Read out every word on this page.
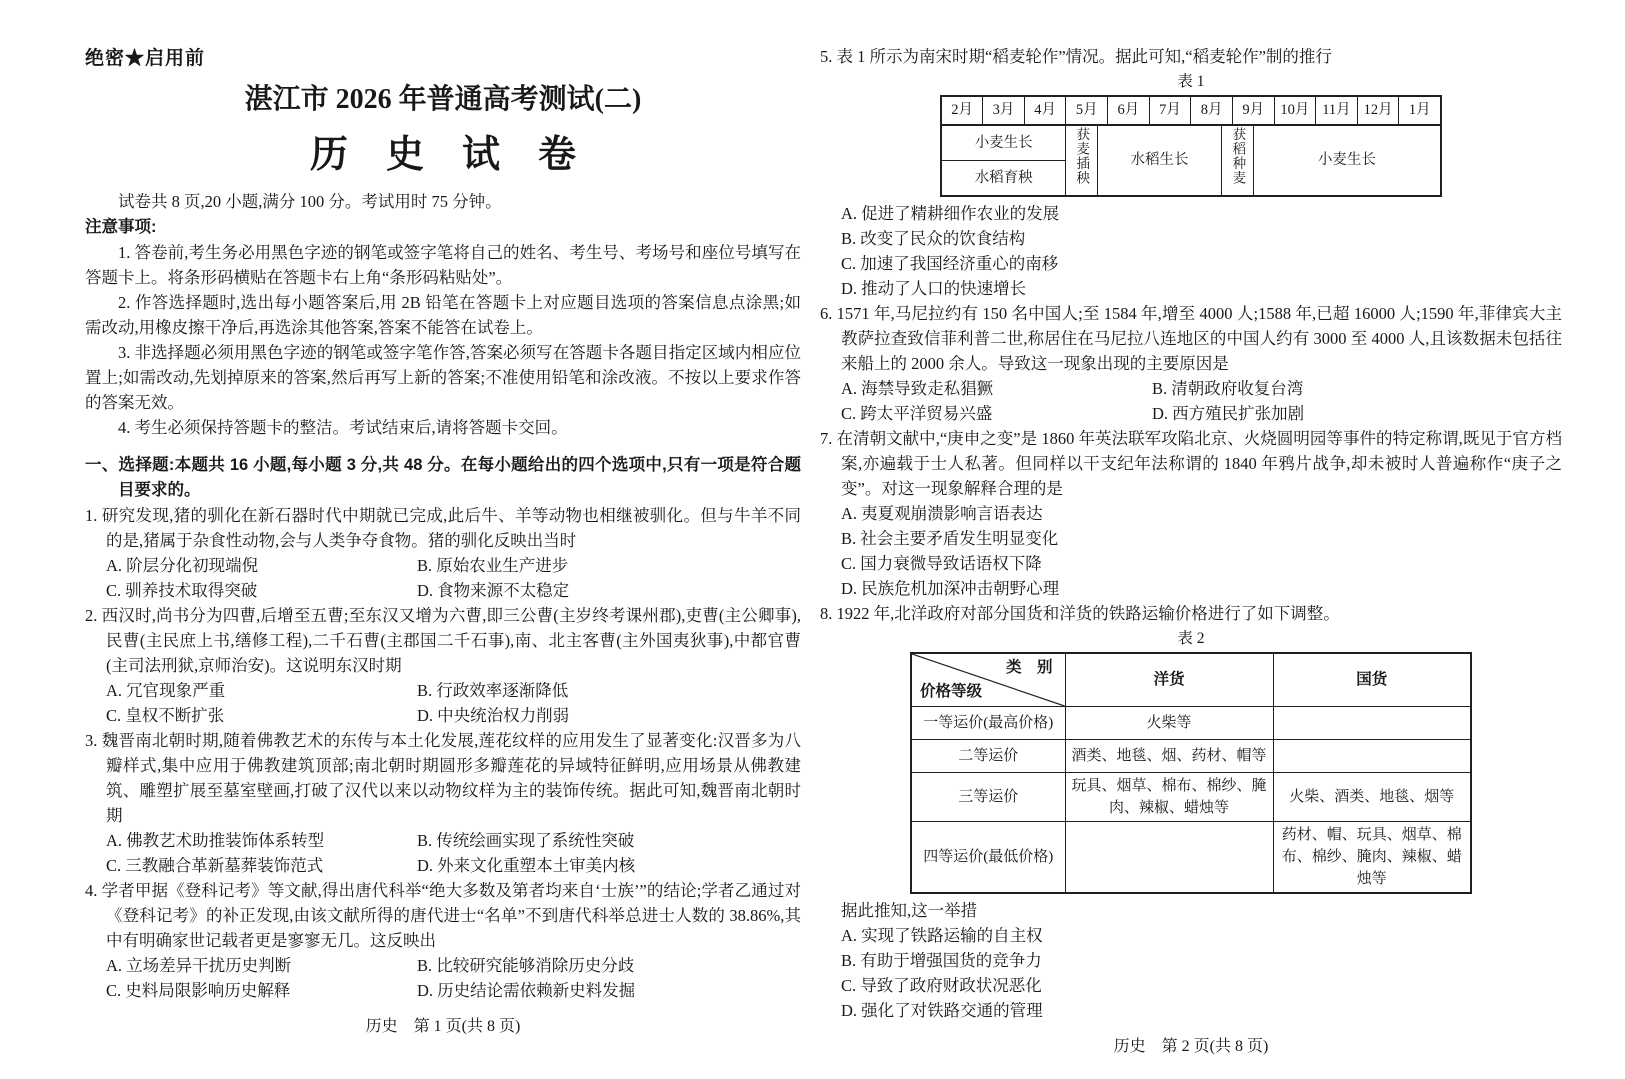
绝密★启用前
湛江市 2026 年普通高考测试(二)
历　史　试　卷
试卷共 8 页,20 小题,满分 100 分。考试用时 75 分钟。
注意事项:
1. 答卷前,考生务必用黑色字迹的钢笔或签字笔将自己的姓名、考生号、考场号和座位号填写在答题卡上。将条形码横贴在答题卡右上角“条形码粘贴处”。
2. 作答选择题时,选出每小题答案后,用 2B 铅笔在答题卡上对应题目选项的答案信息点涂黑;如需改动,用橡皮擦干净后,再选涂其他答案,答案不能答在试卷上。
3. 非选择题必须用黑色字迹的钢笔或签字笔作答,答案必须写在答题卡各题目指定区域内相应位置上;如需改动,先划掉原来的答案,然后再写上新的答案;不准使用铅笔和涂改液。不按以上要求作答的答案无效。
4. 考生必须保持答题卡的整洁。考试结束后,请将答题卡交回。
一、选择题:本题共 16 小题,每小题 3 分,共 48 分。在每小题给出的四个选项中,只有一项是符合题目要求的。
1. 研究发现,猪的驯化在新石器时代中期就已完成,此后牛、羊等动物也相继被驯化。但与牛羊不同的是,猪属于杂食性动物,会与人类争夺食物。猪的驯化反映出当时
A. 阶层分化初现端倪	B. 原始农业生产进步
C. 驯养技术取得突破	D. 食物来源不太稳定
2. 西汉时,尚书分为四曹,后增至五曹;至东汉又增为六曹,即三公曹(主岁终考课州郡),吏曹(主公卿事),民曹(主民庶上书,缮修工程),二千石曹(主郡国二千石事),南、北主客曹(主外国夷狄事),中都官曹(主司法刑狱,京师治安)。这说明东汉时期
A. 冗官现象严重	B. 行政效率逐渐降低
C. 皇权不断扩张	D. 中央统治权力削弱
3. 魏晋南北朝时期,随着佛教艺术的东传与本土化发展,莲花纹样的应用发生了显著变化:汉晋多为八瓣样式,集中应用于佛教建筑顶部;南北朝时期圆形多瓣莲花的异域特征鲜明,应用场景从佛教建筑、雕塑扩展至墓室壁画,打破了汉代以来以动物纹样为主的装饰传统。据此可知,魏晋南北朝时期
A. 佛教艺术助推装饰体系转型	B. 传统绘画实现了系统性突破
C. 三教融合革新墓葬装饰范式	D. 外来文化重塑本土审美内核
4. 学者甲据《登科记考》等文献,得出唐代科举“绝大多数及第者均来自‘士族’”的结论;学者乙通过对《登科记考》的补正发现,由该文献所得的唐代进士“名单”不到唐代科举总进士人数的 38.86%,其中有明确家世记载者更是寥寥无几。这反映出
A. 立场差异干扰历史判断	B. 比较研究能够消除历史分歧
C. 史料局限影响历史解释	D. 历史结论需依赖新史料发掘
历史　第 1 页(共 8 页)
5. 表 1 所示为南宋时期“稻麦轮作”情况。据此可知,“稻麦轮作”制的推行
表 1
2月	3月	4月	5月		6月	7月	8月		9月		10月	11月	12月	1月
小麦生长			获麦插秧	水稻生长				获稻种麦		小麦生长				
水稻育秧														
A. 促进了精耕细作农业的发展
B. 改变了民众的饮食结构
C. 加速了我国经济重心的南移
D. 推动了人口的快速增长
6. 1571 年,马尼拉约有 150 名中国人;至 1584 年,增至 4000 人;1588 年,已超 16000 人;1590 年,菲律宾大主教萨拉查致信菲利普二世,称居住在马尼拉八连地区的中国人约有 3000 至 4000 人,且该数据未包括往来船上的 2000 余人。导致这一现象出现的主要原因是
A. 海禁导致走私猖獗	B. 清朝政府收复台湾
C. 跨太平洋贸易兴盛	D. 西方殖民扩张加剧
7. 在清朝文献中,“庚申之变”是 1860 年英法联军攻陷北京、火烧圆明园等事件的特定称谓,既见于官方档案,亦遍载于士人私著。但同样以干支纪年法称谓的 1840 年鸦片战争,却未被时人普遍称作“庚子之变”。对这一现象解释合理的是
A. 夷夏观崩溃影响言语表达
B. 社会主要矛盾发生明显变化
C. 国力衰微导致话语权下降
D. 民族危机加深冲击朝野心理
8. 1922 年,北洋政府对部分国货和洋货的铁路运输价格进行了如下调整。
表 2
类　别
价格等级	洋货	国货
一等运价(最高价格)	火柴等	
二等运价	酒类、地毯、烟、药材、帽等	
三等运价	玩具、烟草、棉布、棉纱、腌肉、辣椒、蜡烛等	火柴、酒类、地毯、烟等
四等运价(最低价格)		药材、帽、玩具、烟草、棉布、棉纱、腌肉、辣椒、蜡烛等
据此推知,这一举措
A. 实现了铁路运输的自主权
B. 有助于增强国货的竞争力
C. 导致了政府财政状况恶化
D. 强化了对铁路交通的管理
历史　第 2 页(共 8 页)
